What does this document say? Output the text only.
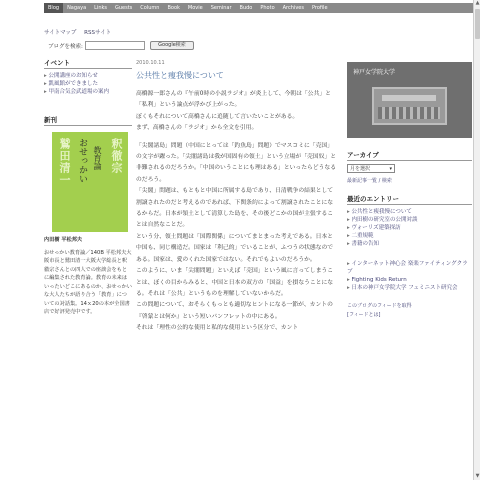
Blog	Nagaya	Links	Guests	Column	Book	Movie	Seminar	Budo	Photo	Archives	Profile
サイトマップ RSSサイト
ブログを検索:	Google検索
イベント
▸ 公開講座のお知らせ
▸ 凱風館ができました
▸ 甲南合気会武道場の案内
新刊
鷲田清一 おせっかい 教育論 釈徹宗
内田樹 平松邦夫
おせっかい教育論／140B 平松邦夫大阪市長と鷲田清一大阪大学総長と釈徹宗さんとの四人での座談会をもとに編集された教育論。教育の未来はいったいどこにあるのか、おせっかいな大人たちが語り合う「教育」についての対話集。14ｘ20の本が全国書店で好評発売中です。
2010.10.11
公共性と痩我慢について

高橋源一郎さんの『午前0時の小説ラジオ』が炎上して、今朝は「公共」と「私利」という論点が浮かび上がった。

ぼくもそれについて高橋さんに追随して言いたいことがある。

まず、高橋さんの「ラジオ」から全文を引用。

「尖閣諸島」問題（中国にとっては「釣魚島」問題）でマスコミに「売国」の文字が躍った。「尖閣諸島は我が国固有の領土」という立場が「売国奴」と非難されるのだろうか。「中国のいうことにも理はある」といったらどうなるのだろう。

「尖閣」問題は、もともと中国に所属する島であり、日清戦争の結果として割譲されたのだと考えるのであれば、下関条約によって割譲されたことになるからだ。日本が領土として清算した島を、その後どこかの国が主張することは自然なことだ。

という分、領土問題は「国際関係」についてまとまった考えである。日本と中国も、同じ構造だ。国家は「利己的」でいることが、ふつうの状態なのである。国家は、愛のくれた国家ではない。それでもよいのだろうか。

このように、いま「尖閣問題」といえば「売国」という風に言ってしまうことは、ぼくの目からみると、中国と日本の双方の「国益」を損なうことになる。それは「公共」というものを理解していないからだ。

この問題について、おそらくもっとも適切なヒントになる一節が、カントの『啓蒙とは何か』という短いパンフレットの中にある。

それは「理性の公的な使用と私的な使用という区分で、カント

神戸女学院大学
アーカイブ
月を選択	▾
最新記事一覧 / 検索
最近のエントリー
▸ 公共性と痩我慢について
▸ 内田樹の研究室の公開対談
▸ ヴォーリズ建築探訪
▸ 二重規範
▸ 書籍の告知
▸ インターネット神心会 楽楽ファイティングクラブ
▸ Fighting Kids Return
▸ 日本の神戸女学院大学 フェミニスト研究会
このブログのフィードを取得
[フィードとは]
▲
▼
